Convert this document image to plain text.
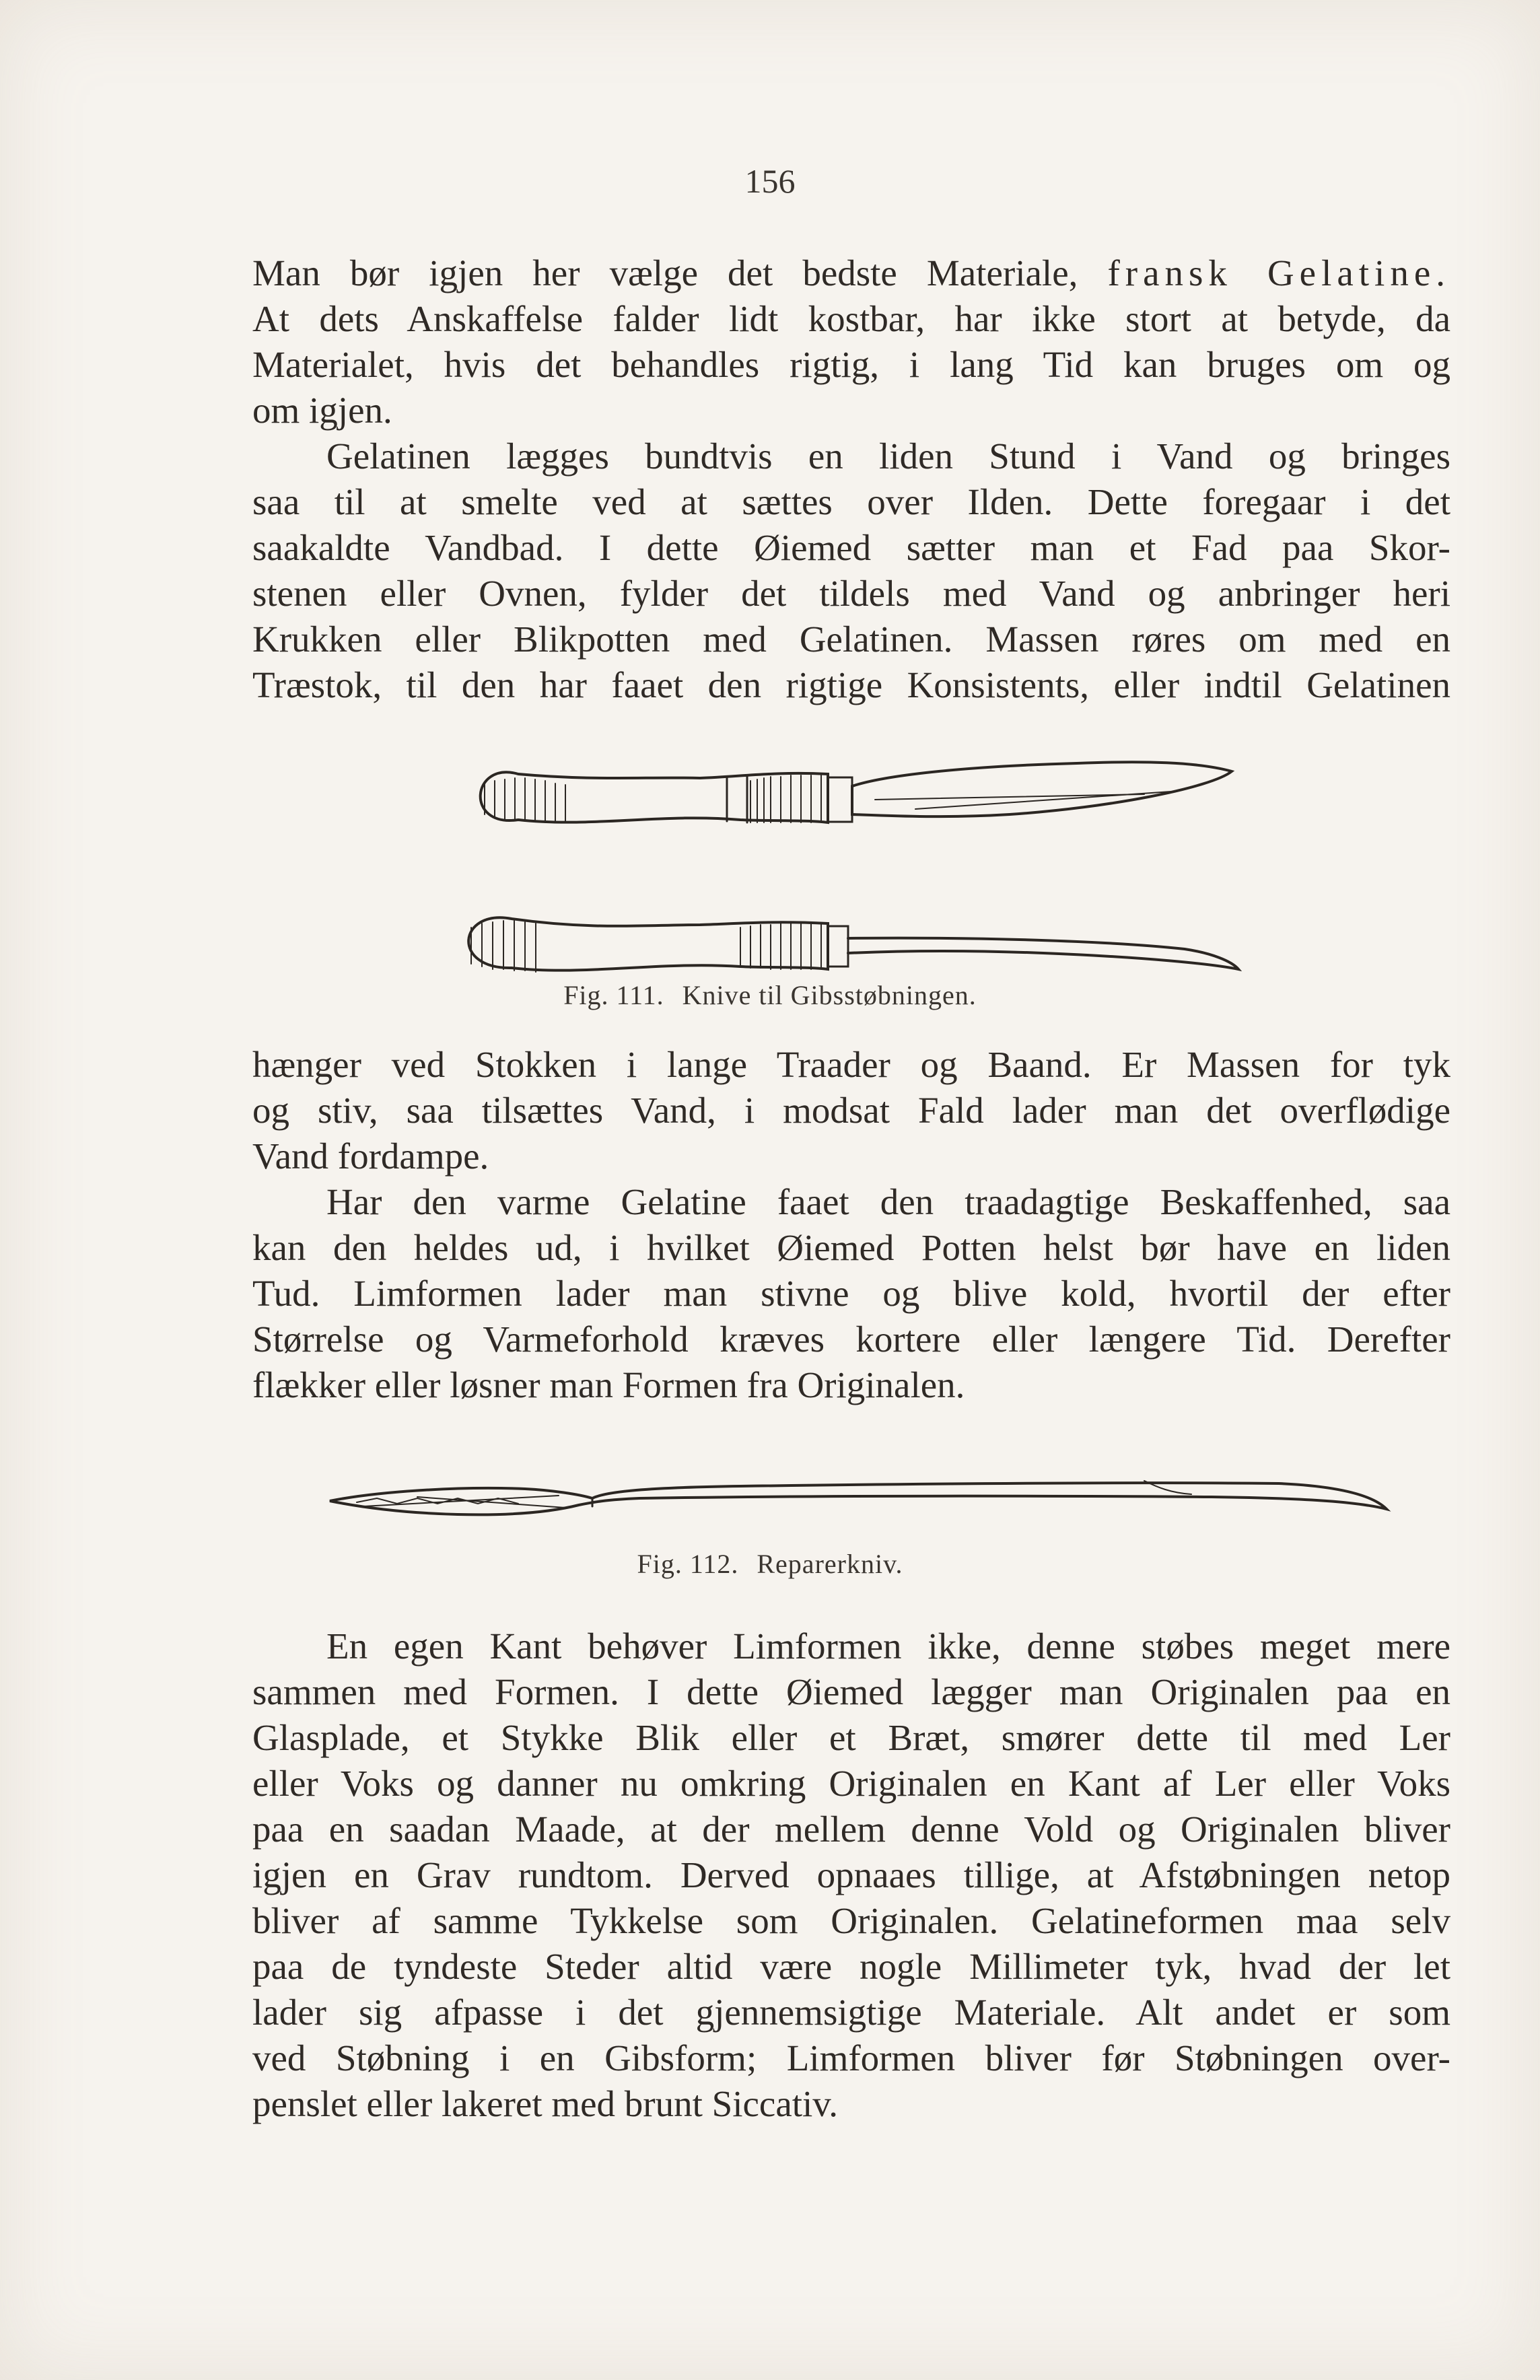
156
Man bør igjen her vælge det bedste Materiale, fransk Gelatine.
At dets Anskaffelse falder lidt kostbar, har ikke stort at betyde, da
Materialet, hvis det behandles rigtig, i lang Tid kan bruges om og
om igjen.
Gelatinen lægges bundtvis en liden Stund i Vand og bringes
saa til at smelte ved at sættes over Ilden. Dette foregaar i det
saakaldte Vandbad. I dette Øiemed sætter man et Fad paa Skor-
stenen eller Ovnen, fylder det tildels med Vand og anbringer heri
Krukken eller Blikpotten med Gelatinen. Massen røres om med en
Træstok, til den har faaet den rigtige Konsistents, eller indtil Gelatinen
Fig. 111. Knive til Gibsstøbningen.
hænger ved Stokken i lange Traader og Baand. Er Massen for tyk
og stiv, saa tilsættes Vand, i modsat Fald lader man det overflødige
Vand fordampe.
Har den varme Gelatine faaet den traadagtige Beskaffenhed, saa
kan den heldes ud, i hvilket Øiemed Potten helst bør have en liden
Tud. Limformen lader man stivne og blive kold, hvortil der efter
Størrelse og Varmeforhold kræves kortere eller længere Tid. Derefter
flækker eller løsner man Formen fra Originalen.
Fig. 112. Reparerkniv.
En egen Kant behøver Limformen ikke, denne støbes meget mere
sammen med Formen. I dette Øiemed lægger man Originalen paa en
Glasplade, et Stykke Blik eller et Bræt, smører dette til med Ler
eller Voks og danner nu omkring Originalen en Kant af Ler eller Voks
paa en saadan Maade, at der mellem denne Vold og Originalen bliver
igjen en Grav rundtom. Derved opnaaes tillige, at Afstøbningen netop
bliver af samme Tykkelse som Originalen. Gelatineformen maa selv
paa de tyndeste Steder altid være nogle Millimeter tyk, hvad der let
lader sig afpasse i det gjennemsigtige Materiale. Alt andet er som
ved Støbning i en Gibsform; Limformen bliver før Støbningen over-
penslet eller lakeret med brunt Siccativ.
